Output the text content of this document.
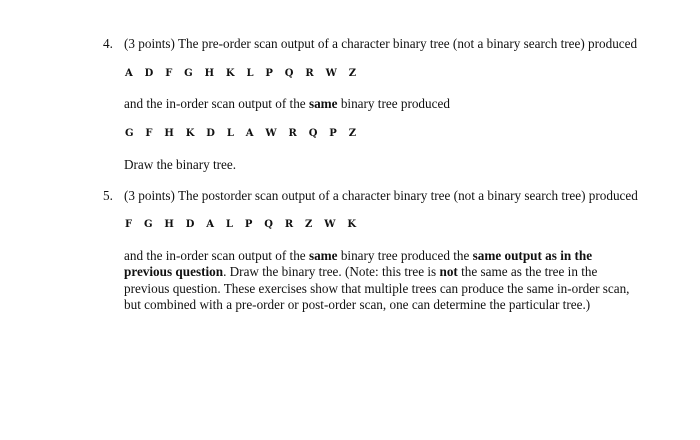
4. (3 points) The pre-order scan output of a character binary tree (not a binary search tree) produced
A D F G H K L P Q R W Z
and the in-order scan output of the same binary tree produced
G F H K D L A W R Q P Z
Draw the binary tree.
5. (3 points) The postorder scan output of a character binary tree (not a binary search tree) produced
F G H D A L P Q R Z W K
and the in-order scan output of the same binary tree produced the same output as in the
previous question. Draw the binary tree. (Note: this tree is not the same as the tree in the
previous question. These exercises show that multiple trees can produce the same in-order scan,
but combined with a pre-order or post-order scan, one can determine the particular tree.)
